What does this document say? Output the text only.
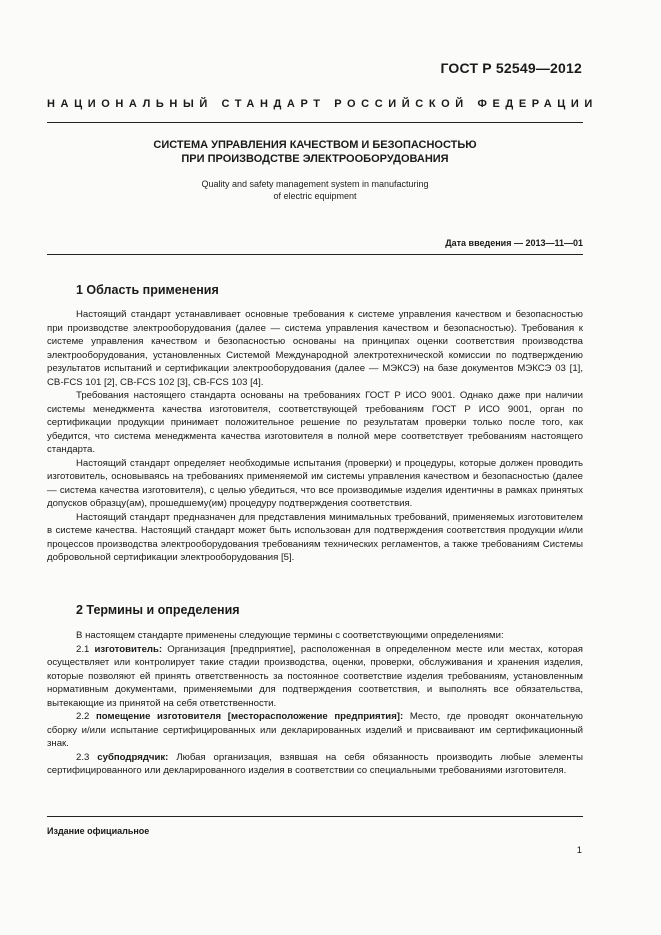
ГОСТ Р 52549—2012
НАЦИОНАЛЬНЫЙ СТАНДАРТ РОССИЙСКОЙ ФЕДЕРАЦИИ
СИСТЕМА УПРАВЛЕНИЯ КАЧЕСТВОМ И БЕЗОПАСНОСТЬЮ
ПРИ ПРОИЗВОДСТВЕ ЭЛЕКТРООБОРУДОВАНИЯ
Quality and safety management system in manufacturing
of electric equipment
Дата введения — 2013—11—01
1 Область применения

Настоящий стандарт устанавливает основные требования к системе управления качеством и безопасностью при производстве электрооборудования (далее — система управления качеством и безопасностью). Требования к системе управления качеством и безопасностью основаны на принципах оценки соответствия производства электрооборудования, установленных Системой Международной электротехнической комиссии по подтверждению результатов испытаний и сертификации электрооборудования (далее — МЭКСЭ) на базе документов МЭКСЭ 03 [1], CB-FCS 101 [2], CB-FCS 102 [3], CB-FCS 103 [4].

Требования настоящего стандарта основаны на требованиях ГОСТ Р ИСО 9001. Однако даже при наличии системы менеджмента качества изготовителя, соответствующей требованиям ГОСТ Р ИСО 9001, орган по сертификации продукции принимает положительное решение по результатам проверки только после того, как убедится, что система менеджмента качества изготовителя в полной мере соответствует требованиям настоящего стандарта.

Настоящий стандарт определяет необходимые испытания (проверки) и процедуры, которые должен проводить изготовитель, основываясь на требованиях применяемой им системы управления качеством и безопасностью (далее — система качества изготовителя), с целью убедиться, что все производимые изделия идентичны в рамках принятых допусков образцу(ам), прошедшему(им) процедуру подтверждения соответствия.

Настоящий стандарт предназначен для представления минимальных требований, применяемых изготовителем в системе качества. Настоящий стандарт может быть использован для подтверждения соответствия продукции и/или процессов производства электрооборудования требованиям технических регламентов, а также требованиям Системы добровольной сертификации электрооборудования [5].

2 Термины и определения

В настоящем стандарте применены следующие термины с соответствующими определениями:

2.1 изготовитель: Организация [предприятие], расположенная в определенном месте или местах, которая осуществляет или контролирует такие стадии производства, оценки, проверки, обслуживания и хранения изделия, которые позволяют ей принять ответственность за постоянное соответствие изделия требованиям, установленным нормативным документами, применяемыми для подтверждения соответствия, и выполнять все обязательства, вытекающие из принятой на себя ответственности.

2.2 помещение изготовителя [месторасположение предприятия]: Место, где проводят окончательную сборку и/или испытание сертифицированных или декларированных изделий и присваивают им сертификационный знак.

2.3 субподрядчик: Любая организация, взявшая на себя обязанность производить любые элементы сертифицированного или декларированного изделия в соответствии со специальными требованиями изготовителя.

Издание официальное
1
